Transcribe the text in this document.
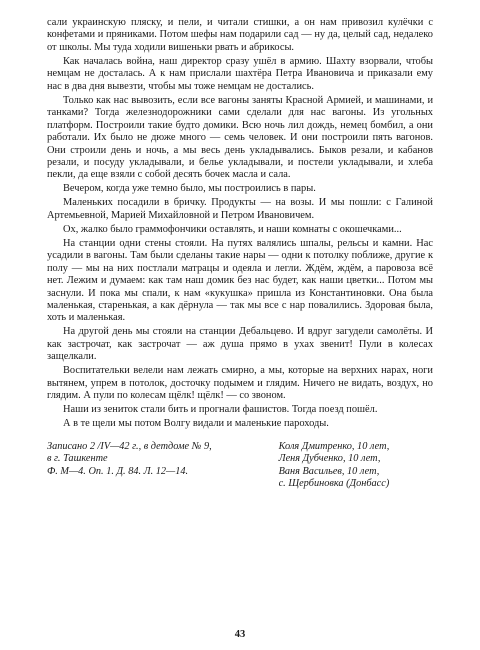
сали украинскую пляску, и пели, и читали стишки, а он нам привозил кулёчки с конфетами и пряниками. Потом шефы нам подарили сад — ну да, целый сад, недалеко от школы. Мы туда ходили вишеньки рвать и абрикосы.

Как началась война, наш директор сразу ушёл в армию. Шахту взорвали, чтобы немцам не досталась. А к нам прислали шахтёра Петра Ивановича и приказали ему нас в два дня вывезти, чтобы мы тоже немцам не достались.

Только как нас вывозить, если все вагоны заняты Красной Армией, и машинами, и танками? Тогда железнодорожники сами сделали для нас вагоны. Из угольных платформ. Построили такие будто домики. Всю ночь лил дождь, немец бомбил, а они работали. Их было не дюже много — семь человек. И они построили пять вагонов. Они строили день и ночь, а мы весь день укладывались. Быков резали, и кабанов резали, и посуду укладывали, и белье укладывали, и постели укладывали, и хлеба пекли, да еще взяли с собой десять бочек масла и сала.

Вечером, когда уже темно было, мы построились в пары.

Маленьких посадили в бричку. Продукты — на возы. И мы пошли: с Галиной Артемьевной, Марией Михайловной и Петром Ивановичем.

Ох, жалко было граммофончики оставлять, и наши комнаты с окошечками...

На станции одни стены стояли. На путях валялись шпалы, рельсы и камни. Нас усадили в вагоны. Там были сделаны такие нары — одни к потолку поближе, другие к полу — мы на них постлали матрацы и одеяла и легли. Ждём, ждём, а паровоза всё нет. Лежим и думаем: как там наш домик без нас будет, как наши цветки... Потом мы заснули. И пока мы спали, к нам «кукушка» пришла из Константиновки. Она была маленькая, старенькая, а как дёрнула — так мы все с нар повалились. Здоровая была, хоть и маленькая.

На другой день мы стояли на станции Дебальцево. И вдруг загудели самолёты. И как застрочат, как застрочат — аж душа прямо в ухах звенит! Пули в колесах защелкали.

Воспитательки велели нам лежать смирно, а мы, которые на верхних нарах, ноги вытянем, упрем в потолок, досточку подымем и глядим. Ничего не видать, воздух, но глядим. А пули по колесам щёлк! щёлк! — со звоном.

Наши из зениток стали бить и прогнали фашистов. Тогда поезд пошёл.

А в те щели мы потом Волгу видали и маленькие пароходы.

Записано 2 /IV—42 г., в детдоме № 9,
в г. Ташкенте
Ф. М—4. Оп. 1. Д. 84. Л. 12—14.
Коля Дмитренко, 10 лет,
Леня Дубченко, 10 лет,
Ваня Васильев, 10 лет,
с. Щербиновка (Донбасс)
43
